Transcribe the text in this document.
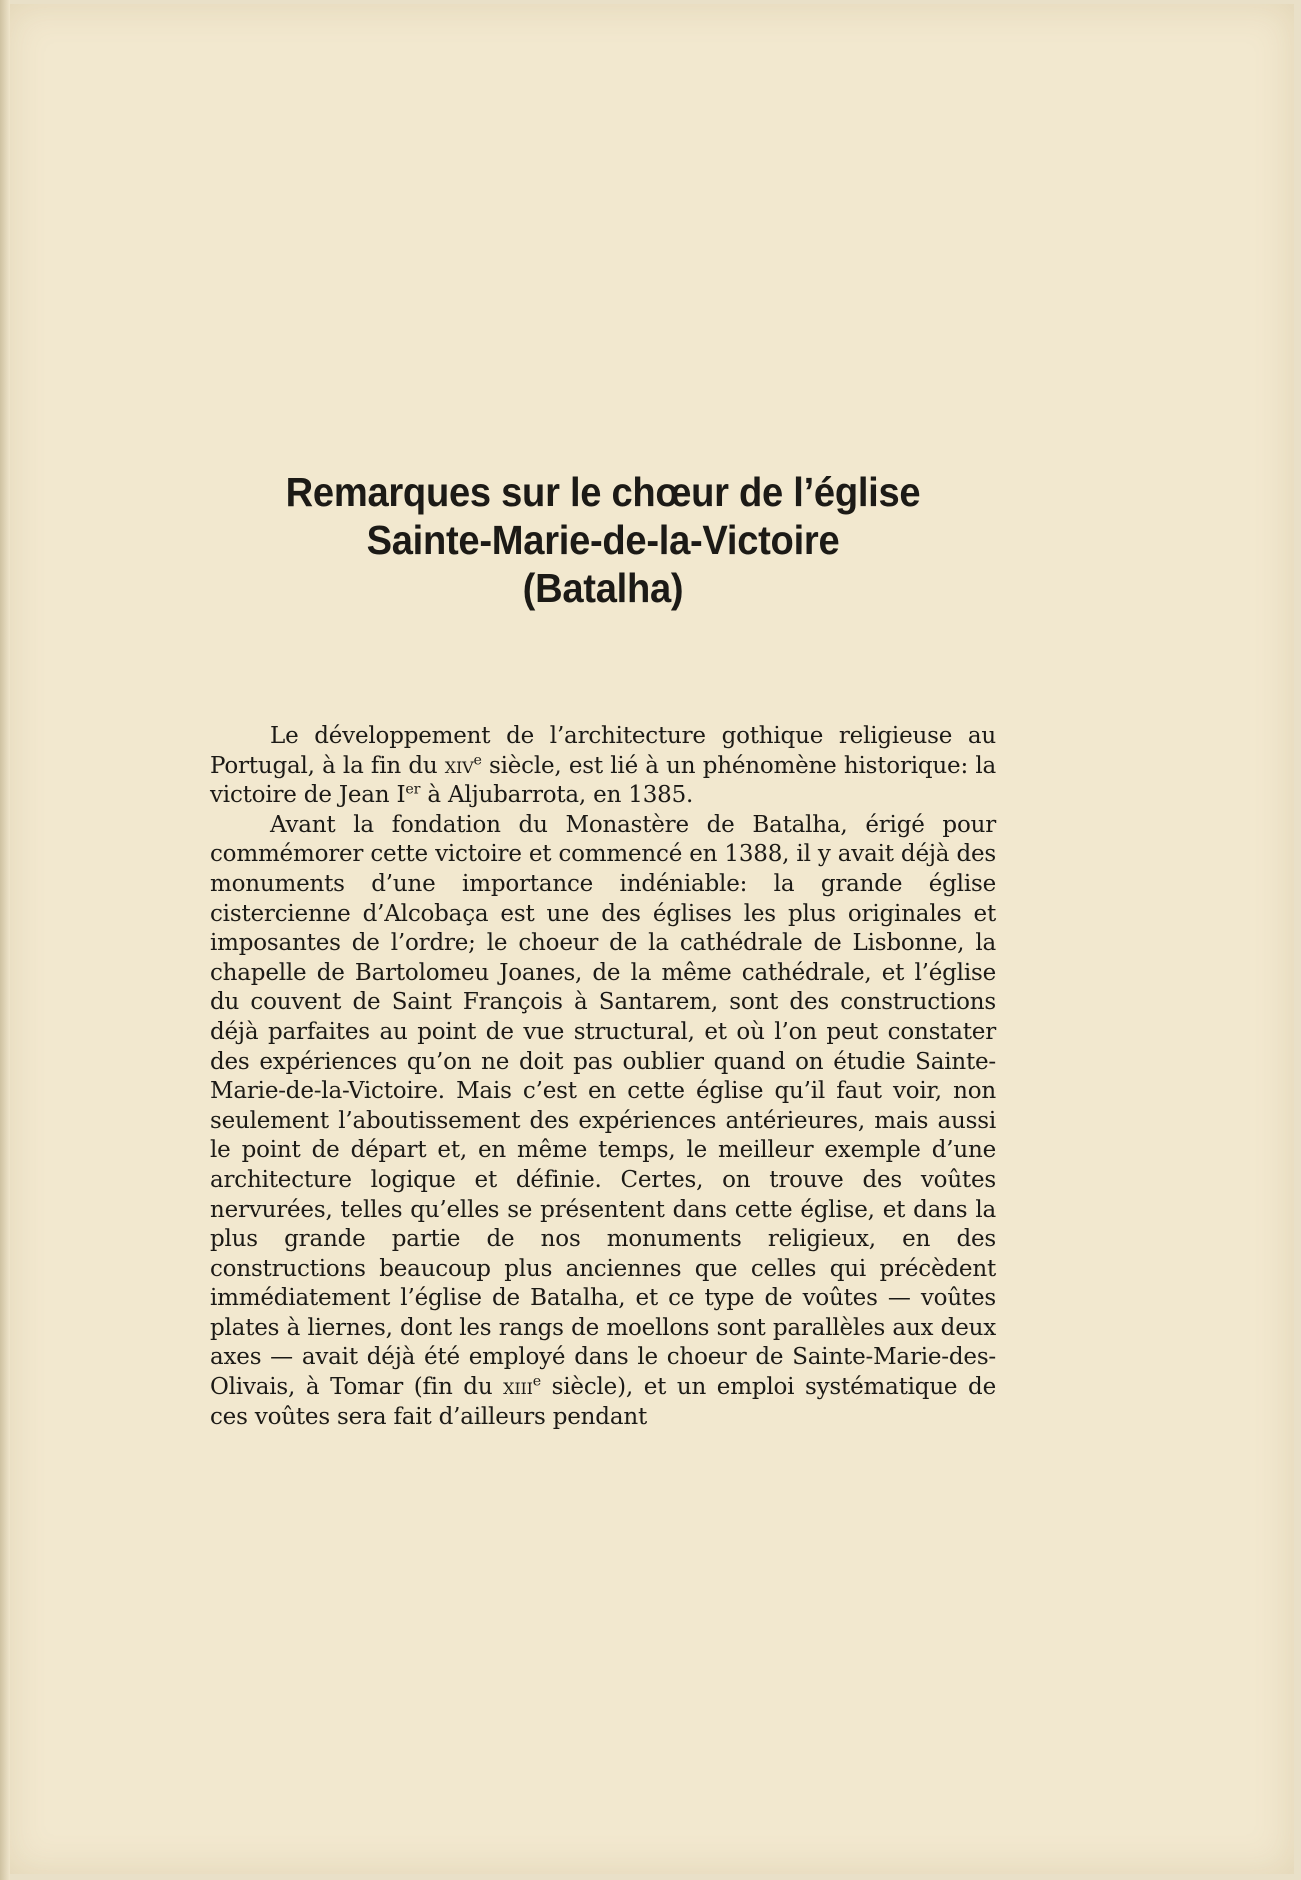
Remarques sur le chœur de l’église
Sainte-Marie-de-la-Victoire
(Batalha)

Le développement de l’architecture gothique religieuse au Portugal, à la fin du xiv$^e$ siècle, est lié à un phénomène historique: la victoire de Jean Ier à Aljubarrota, en 1385.

Avant la fondation du Monastère de Batalha, érigé pour commémorer cette victoire et commencé en 1388, il y avait déjà des monuments d’une importance indéniable: la grande église cistercienne d’Alcobaça est une des églises les plus originales et imposantes de l’ordre; le choeur de la cathédrale de Lisbonne, la chapelle de Bartolomeu Joanes, de la même cathédrale, et l’église du couvent de Saint François à Santarem, sont des constructions déjà parfaites au point de vue structural, et où l’on peut constater des expériences qu’on ne doit pas oublier quand on étudie Sainte-Marie-de-la-Victoire. Mais c’est en cette église qu’il faut voir, non seulement l’aboutissement des expériences antérieures, mais aussi le point de départ et, en même temps, le meilleur exemple d’une architecture logique et définie. Certes, on trouve des voûtes nervurées, telles qu’elles se présentent dans cette église, et dans la plus grande partie de nos monuments religieux, en des constructions beaucoup plus anciennes que celles qui précèdent immédiatement l’église de Batalha, et ce type de voûtes — voûtes plates à liernes, dont les rangs de moellons sont parallèles aux deux axes — avait déjà été employé dans le choeur de Sainte-Marie-des-Olivais, à Tomar (fin du xiii$^e$ siècle), et un emploi systématique de ces voûtes sera fait d’ailleurs pendant
